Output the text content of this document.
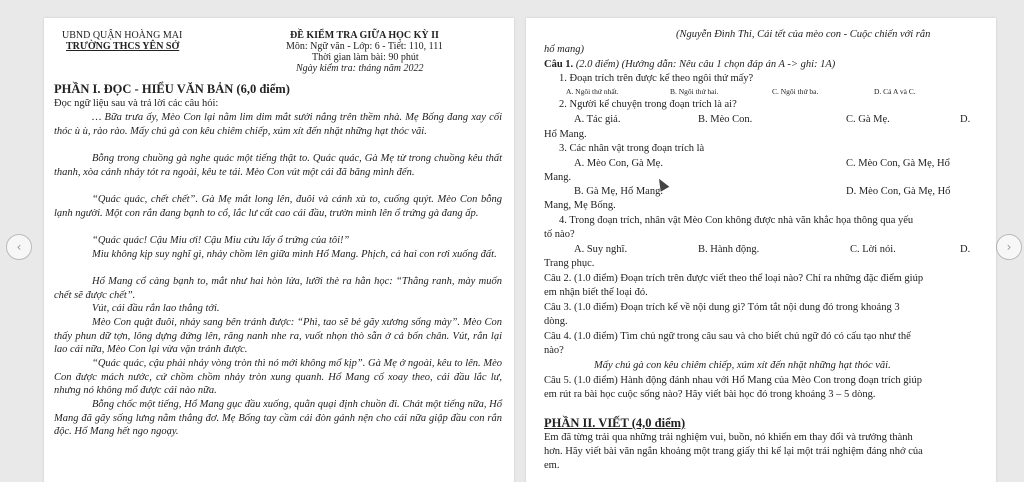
‹	›
UBND QUẬN HOÀNG MAI
TRƯỜNG THCS YÊN SỞ
ĐỀ KIỂM TRA GIỮA HỌC KỲ II
Môn: Ngữ văn - Lớp: 6 - Tiết: 110, 111
Thời gian làm bài: 90 phút
Ngày kiểm tra: tháng năm 2022
PHẦN I. ĐỌC - HIỂU VĂN BẢN (6,0 điểm)
Đọc ngữ liệu sau và trả lời các câu hỏi:
… Bữa trưa ấy, Mèo Con lại nằm lim dim mắt sưởi nắng trên thềm nhà. Mẹ Bống đang xay cối thóc ù ù, rào rào. Mấy chú gà con kêu chiêm chiếp, xúm xít đến nhặt những hạt thóc vãi.
Bỗng trong chuồng gà nghe quác một tiếng thật to. Quác quác, Gà Mẹ từ trong chuồng kêu thất thanh, xòa cánh nhảy tót ra ngoài, kêu te tái. Mèo Con vút một cái đã băng mình đến.
“Quác quác, chết chết”. Gà Mẹ mắt long lên, đuôi và cánh xù to, cuống quýt. Mèo Con bỗng lạnh người. Một con rắn đang bạnh to cổ, lắc lư cất cao cái đầu, trườn mình lên ổ trứng gà đang ấp.
“Quác quác! Cậu Miu ơi! Cậu Miu cứu lấy ổ trứng của tôi!”
Miu không kịp suy nghĩ gì, nhảy chồm lên giữa mình Hổ Mang. Phịch, cả hai con rơi xuống đất.
Hổ Mang cổ càng bạnh to, mắt như hai hòn lửa, lưỡi thè ra hằn học: “Thằng ranh, mày muốn chết sẽ được chết”.
Vút, cái đầu rắn lao thẳng tới.
Mèo Con quật đuôi, nhảy sang bên tránh được: “Phì, tao sẽ bẻ gãy xương sống mày”. Mèo Con thấy phun dữ tợn, lông dựng đứng lên, răng nanh nhe ra, vuốt nhọn thò sẵn ở cả bốn chân. Vút, rắn lại lao cái nữa, Mèo Con lại vừa vặn tránh được.
“Quác quác, cậu phải nhảy vòng tròn thì nó mới không mổ kịp”. Gà Mẹ ở ngoài, kêu to lên. Mèo Con được mách nước, cứ chồm chồm nhảy tròn xung quanh. Hổ Mang cố xoay theo, cái đầu lắc lư, nhưng nó không mổ được cái nào nữa.
Bỗng chốc một tiếng, Hổ Mang gục đầu xuống, quằn quại định chuồn đi. Chát một tiếng nữa, Hổ Mang đã gãy sống lưng nằm thẳng đơ. Mẹ Bống tay cầm cái đòn gánh nện cho cái nữa giập đầu con rắn độc. Hổ Mang hết ngo ngoạy.
(Nguyễn Đình Thi, Cái tết của mèo con - Cuộc chiến với rắn
hổ mang)
Câu 1. (2.0 điểm) (Hướng dẫn: Nêu câu 1 chọn đáp án A -> ghi: 1A)
1. Đoạn trích trên được kể theo ngôi thứ mấy?
A. Ngôi thứ nhất.	B. Ngôi thứ hai.	C. Ngôi thứ ba.	D. Cả A và C.
2. Người kể chuyện trong đoạn trích là ai?
A. Tác giả.	B. Mèo Con.	C. Gà Mẹ.	D.
Hổ Mang.
3. Các nhân vật trong đoạn trích là
A. Mèo Con, Gà Mẹ.	C. Mèo Con, Gà Mẹ, Hổ
Mang.
B. Gà Mẹ, Hổ Mang.	D. Mèo Con, Gà Mẹ, Hổ
Mang, Mẹ Bống.
4. Trong đoạn trích, nhân vật Mèo Con không được nhà văn khắc họa thông qua yếu
tố nào?
A. Suy nghĩ.	B. Hành động.	C. Lời nói.	D.
Trang phục.
Câu 2. (1.0 điểm) Đoạn trích trên được viết theo thể loại nào? Chỉ ra những đặc điểm giúp
em nhận biết thể loại đó.
Câu 3. (1.0 điểm) Đoạn trích kể về nội dung gì? Tóm tắt nội dung đó trong khoảng 3
dòng.
Câu 4. (1.0 điểm) Tìm chủ ngữ trong câu sau và cho biết chủ ngữ đó có cấu tạo như thế
nào?
Mấy chú gà con kêu chiêm chiếp, xúm xít đến nhặt những hạt thóc vãi.
Câu 5. (1.0 điểm) Hành động đánh nhau với Hổ Mang của Mèo Con trong đoạn trích giúp
em rút ra bài học cuộc sống nào? Hãy viết bài học đó trong khoảng 3 – 5 dòng.
PHẦN II. VIẾT (4,0 điểm)
Em đã từng trải qua những trải nghiệm vui, buồn, nó khiến em thay đổi và trưởng thành
hơn. Hãy viết bài văn ngắn khoảng một trang giấy thi kể lại một trải nghiệm đáng nhớ của
em.
